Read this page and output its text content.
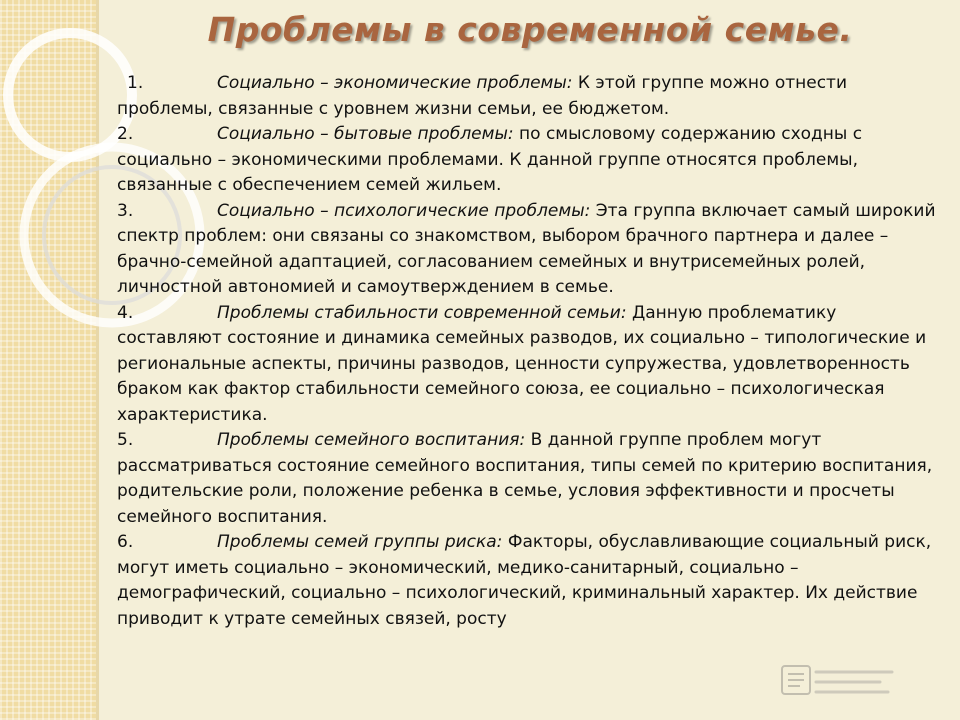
Проблемы в современной семье.

1.	Социально – экономические проблемы: К этой группе можно отнести проблемы, связанные с уровнем жизни семьи, ее бюджетом.

2.	Социально – бытовые проблемы: по смысловому содержанию сходны с социально – экономическими проблемами. К данной группе относятся проблемы, связанные с обеспечением семей жильем.

3.	Социально – психологические проблемы: Эта группа включает самый широкий спектр проблем: они связаны со знакомством, выбором брачного партнера и далее – брачно-семейной адаптацией, согласованием семейных и внутрисемейных ролей, личностной автономией и самоутверждением в семье.

4.	Проблемы стабильности современной семьи: Данную проблематику составляют состояние и динамика семейных разводов, их социально – типологические и региональные аспекты, причины разводов, ценности супружества, удовлетворенность браком как фактор стабильности семейного союза, ее социально – психологическая характеристика.

5.	Проблемы семейного воспитания: В данной группе проблем могут рассматриваться состояние семейного воспитания, типы семей по критерию воспитания, родительские роли, положение ребенка в семье, условия эффективности и просчеты семейного воспитания.

6.	Проблемы семей группы риска: Факторы, обуславливающие социальный риск, могут иметь социально – экономический, медико-санитарный, социально – демографический, социально – психологический, криминальный характер. Их действие приводит к утрате семейных связей, росту
